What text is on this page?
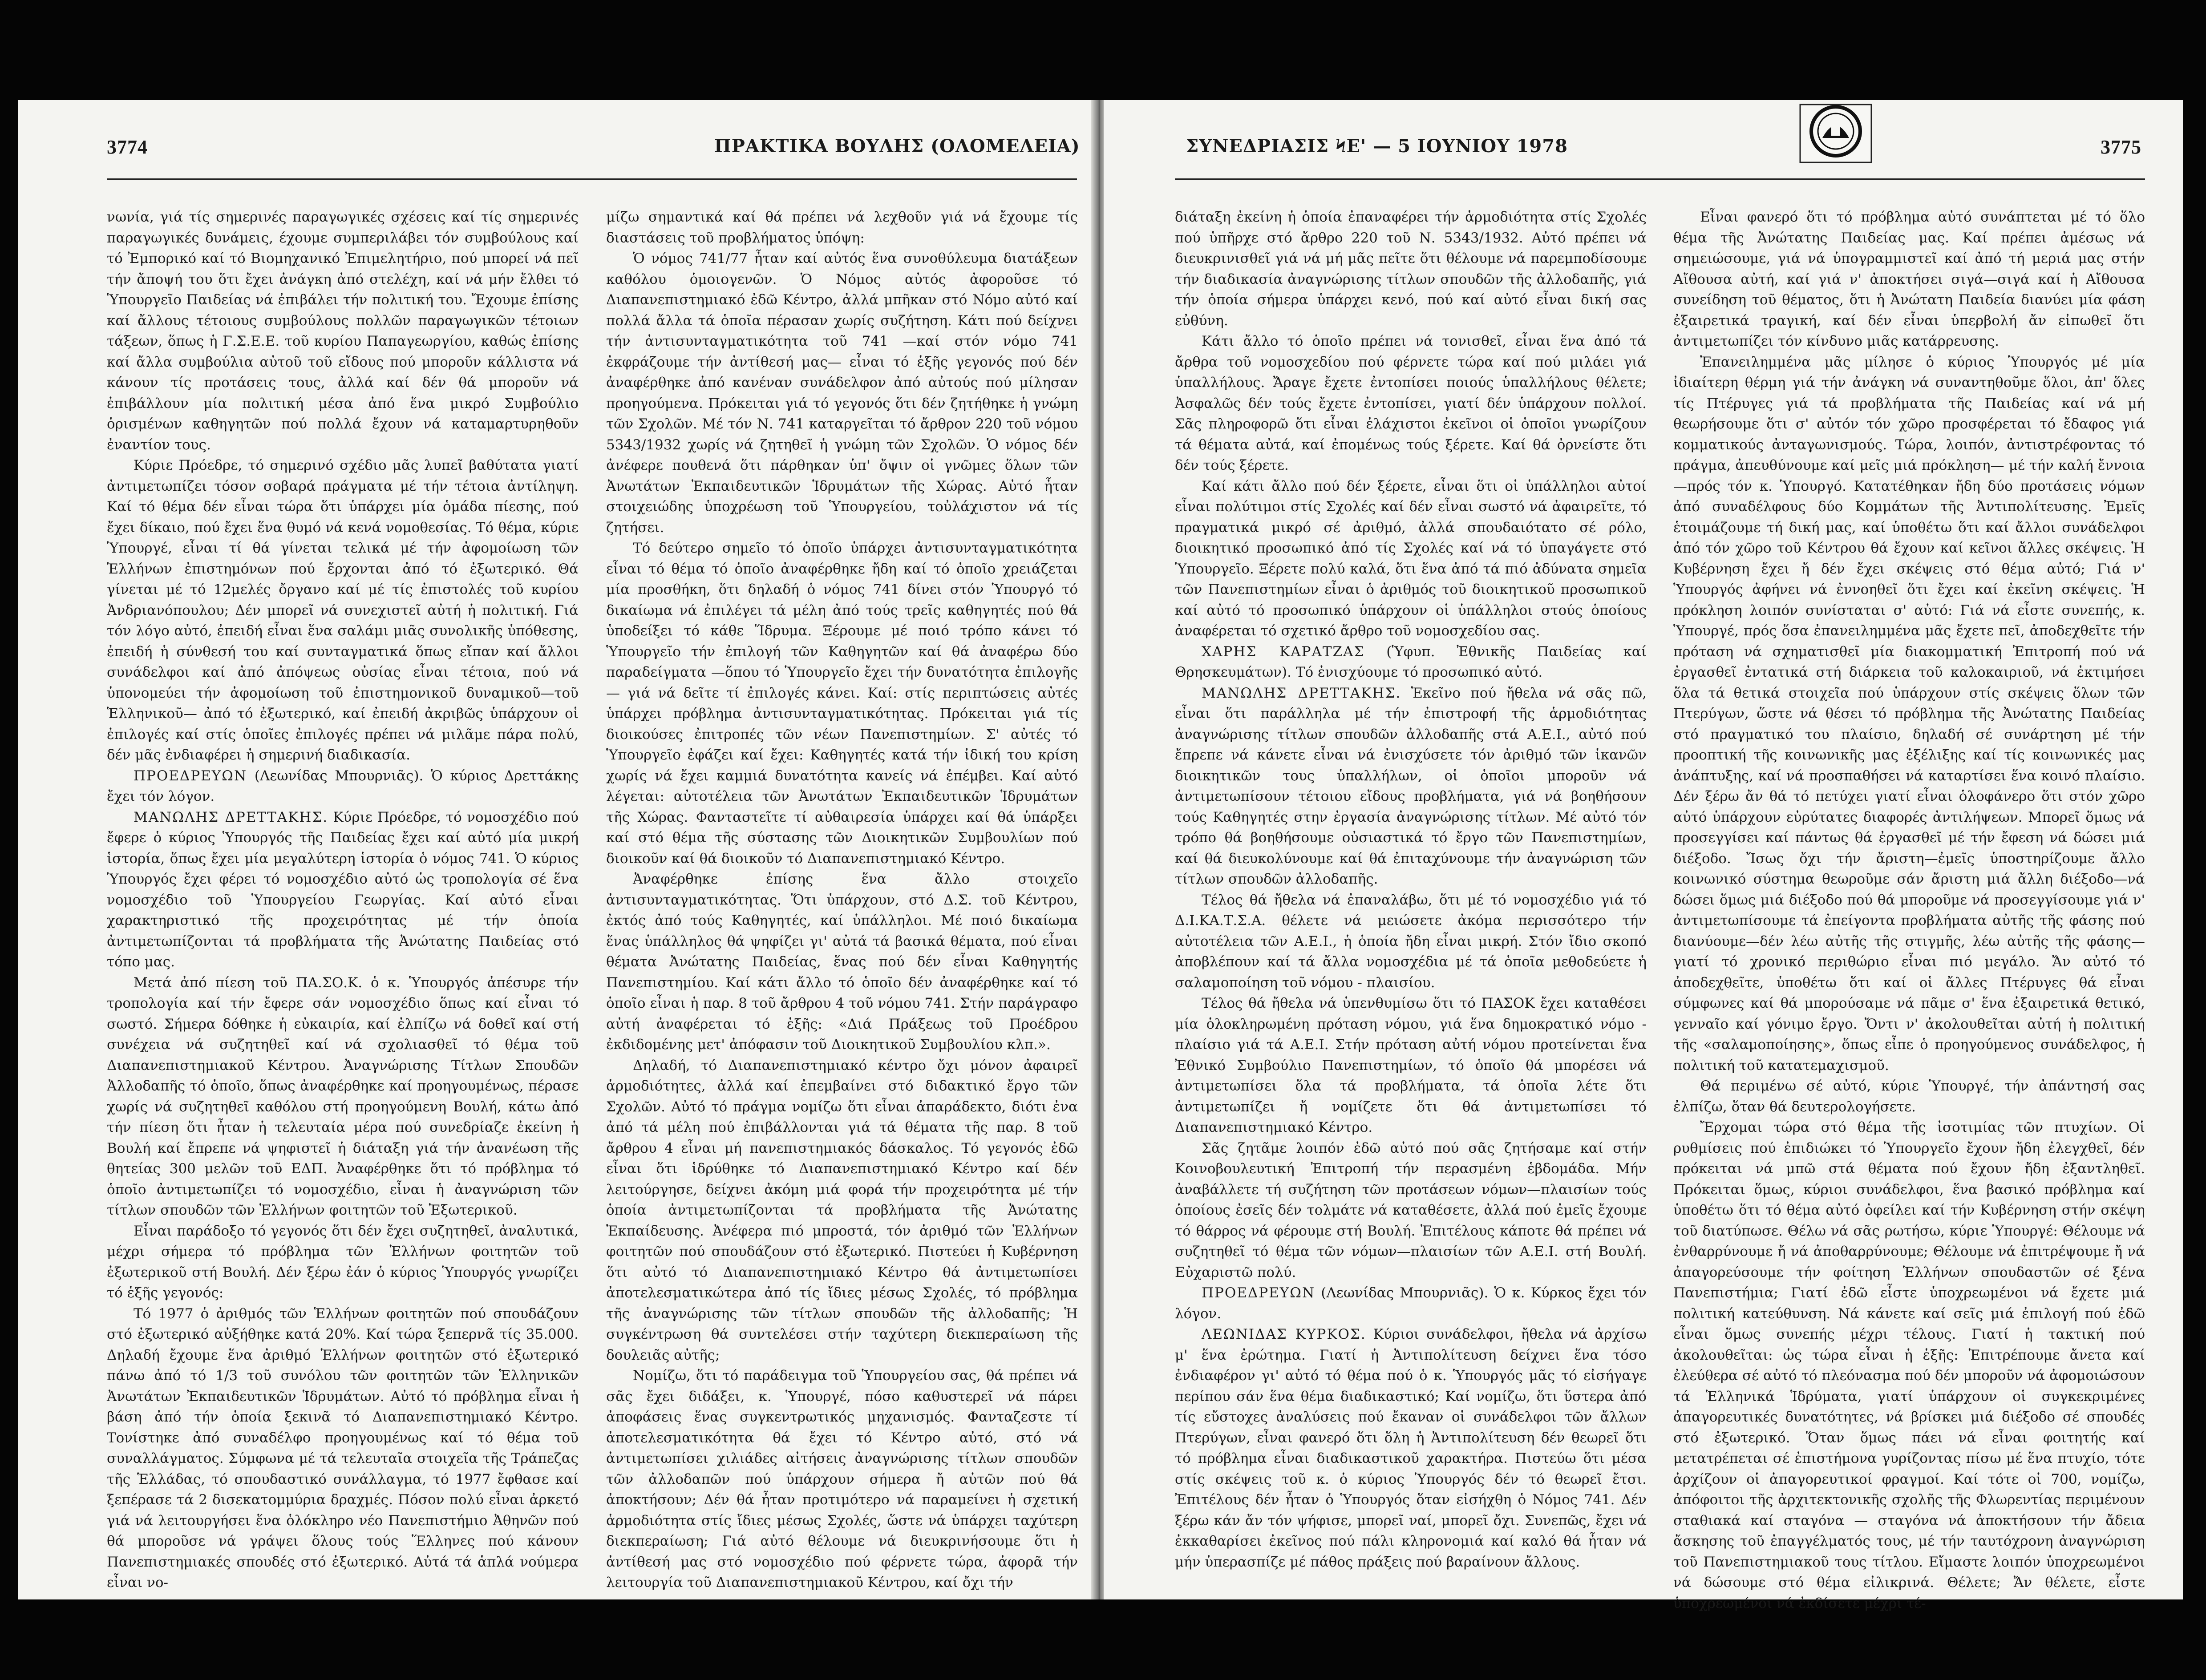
3774	ΠΡΑΚΤΙΚΑ ΒΟΥΛΗΣ (ΟΛΟΜΕΛΕΙΑ)

νωνία, γιά τίς σημερινές παραγωγικές σχέσεις καί τίς σημερινές παραγωγικές δυνάμεις, έχουμε συμπεριλάβει τόν συμβούλους καί τό Ἐμπορικό καί τό Βιομηχανικό Ἐπιμελητήριο, πού μπορεί νά πεῖ τήν ἄποψή του ὅτι ἔχει ἀνάγκη ἀπό στελέχη, καί νά μήν ἔλθει τό Ὑπουργεῖο Παιδείας νά ἐπιβάλει τήν πολιτική του. Ἔχουμε ἐπίσης καί ἄλλους τέτοιους συμβούλους πολλῶν παραγωγικῶν τέτοιων τάξεων, ὅπως ἡ Γ.Σ.Ε.Ε. τοῦ κυρίου Παπαγεωργίου, καθώς ἐπίσης καί ἄλλα συμβούλια αὐτοῦ τοῦ εἴδους πού μποροῦν κάλλιστα νά κάνουν τίς προτάσεις τους, ἀλλά καί δέν θά μποροῦν νά ἐπιβάλλουν μία πολιτική μέσα ἀπό ἕνα μικρό Συμβούλιο ὁρισμένων καθηγητῶν πού πολλά ἔχουν νά καταμαρτυρηθοῦν ἐναντίον τους.

Κύριε Πρόεδρε, τό σημερινό σχέδιο μᾶς λυπεῖ βαθύτατα γιατί ἀντιμετωπίζει τόσον σοβαρά πράγματα μέ τήν τέτοια ἀντίληψη. Καί τό θέμα δέν εἶναι τώρα ὅτι ὑπάρχει μία ὁμάδα πίεσης, πού ἔχει δίκαιο, πού ἔχει ἕνα θυμό νά κενά νομοθεσίας. Τό θέμα, κύριε Ὑπουργέ, εἶναι τί θά γίνεται τελικά μέ τήν ἀφομοίωση τῶν Ἑλλήνων ἐπιστημόνων πού ἔρχονται ἀπό τό ἐξωτερικό. Θά γίνεται μέ τό 12μελές ὄργανο καί μέ τίς ἐπιστολές τοῦ κυρίου Ἀνδριανόπουλου; Δέν μπορεῖ νά συνεχιστεῖ αὐτή ἡ πολιτική. Γιά τόν λόγο αὐτό, ἐπειδή εἶναι ἕνα σαλάμι μιᾶς συνολικῆς ὑπόθεσης, ἐπειδή ἡ σύνθεσή του καί συνταγματικά ὅπως εἴπαν καί ἄλλοι συνάδελφοι καί ἀπό ἀπόψεως οὐσίας εἶναι τέτοια, πού νά ὑπονομεύει τήν ἀφομοίωση τοῦ ἐπιστημονικοῦ δυναμικοῦ—τοῦ Ἑλληνικοῦ— ἀπό τό ἐξωτερικό, καί ἐπειδή ἀκριβῶς ὑπάρχουν οἱ ἐπιλογές καί στίς ὁποῖες ἐπιλογές πρέπει νά μιλᾶμε πάρα πολύ, δέν μᾶς ἐνδιαφέρει ἡ σημερινή διαδικασία.

ΠΡΟΕΔΡΕΥΩΝ (Λεωνίδας Μπουρνιᾶς). Ὁ κύριος Δρεττάκης ἔχει τόν λόγον.

ΜΑΝΩΛΗΣ ΔΡΕΤΤΑΚΗΣ. Κύριε Πρόεδρε, τό νομοσχέδιο πού ἔφερε ὁ κύριος Ὑπουργός τῆς Παιδείας ἔχει καί αὐτό μία μικρή ἱστορία, ὅπως ἔχει μία μεγαλύτερη ἱστορία ὁ νόμος 741. Ὁ κύριος Ὑπουργός ἔχει φέρει τό νομοσχέδιο αὐτό ὡς τροπολογία σέ ἕνα νομοσχέδιο τοῦ Ὑπουργείου Γεωργίας. Καί αὐτό εἶναι χαρακτηριστικό τῆς προχειρότητας μέ τήν ὁποία ἀντιμετωπίζονται τά προβλήματα τῆς Ἀνώτατης Παιδείας στό τόπο μας.

Μετά ἀπό πίεση τοῦ ΠΑ.ΣΟ.Κ. ὁ κ. Ὑπουργός ἀπέσυρε τήν τροπολογία καί τήν ἔφερε σάν νομοσχέδιο ὅπως καί εἶναι τό σωστό. Σήμερα δόθηκε ἡ εὐκαιρία, καί ἐλπίζω νά δοθεῖ καί στή συνέχεια νά συζητηθεῖ καί νά σχολιασθεῖ τό θέμα τοῦ Διαπανεπιστημιακοῦ Κέντρου. Ἀναγνώρισης Τίτλων Σπουδῶν Ἀλλοδαπῆς τό ὁποῖο, ὅπως ἀναφέρθηκε καί προηγουμένως, πέρασε χωρίς νά συζητηθεῖ καθόλου στή προηγούμενη Βουλή, κάτω ἀπό τήν πίεση ὅτι ἦταν ἡ τελευταία μέρα πού συνεδρίαζε ἐκείνη ἡ Βουλή καί ἔπρεπε νά ψηφιστεῖ ἡ διάταξη γιά τήν ἀνανέωση τῆς θητείας 300 μελῶν τοῦ ΕΔΠ. Ἀναφέρθηκε ὅτι τό πρόβλημα τό ὁποῖο ἀντιμετωπίζει τό νομοσχέδιο, εἶναι ἡ ἀναγνώριση τῶν τίτλων σπουδῶν τῶν Ἑλλήνων φοιτητῶν τοῦ Ἐξωτερικοῦ.

Εἶναι παράδοξο τό γεγονός ὅτι δέν ἔχει συζητηθεῖ, ἀναλυτικά, μέχρι σήμερα τό πρόβλημα τῶν Ἑλλήνων φοιτητῶν τοῦ ἐξωτερικοῦ στή Βουλή. Δέν ξέρω ἐάν ὁ κύριος Ὑπουργός γνωρίζει τό ἑξῆς γεγονός:

Τό 1977 ὁ ἀριθμός τῶν Ἑλλήνων φοιτητῶν πού σπουδάζουν στό ἐξωτερικό αὐξήθηκε κατά 20%. Καί τώρα ξεπερνᾶ τίς 35.000. Δηλαδή ἔχουμε ἕνα ἀριθμό Ἑλλήνων φοιτητῶν στό ἐξωτερικό πάνω ἀπό τό 1/3 τοῦ συνόλου τῶν φοιτητῶν τῶν Ἑλληνικῶν Ἀνωτάτων Ἐκπαιδευτικῶν Ἱδρυμάτων. Αὐτό τό πρόβλημα εἶναι ἡ βάση ἀπό τήν ὁποία ξεκινᾶ τό Διαπανεπιστημιακό Κέντρο. Τονίστηκε ἀπό συναδέλφο προηγουμένως καί τό θέμα τοῦ συναλλάγματος. Σύμφωνα μέ τά τελευταῖα στοιχεῖα τῆς Τράπεζας τῆς Ἑλλάδας, τό σπουδαστικό συνάλλαγμα, τό 1977 ἔφθασε καί ξεπέρασε τά 2 δισεκατομμύρια δραχμές. Πόσον πολύ εἶναι ἀρκετό γιά νά λειτουργήσει ἕνα ὁλόκληρο νέο Πανεπιστήμιο Ἀθηνῶν πού θά μποροῦσε νά γράψει ὅλους τούς Ἕλληνες πού κάνουν Πανεπιστημιακές σπουδές στό ἐξωτερικό. Αὐτά τά ἁπλά νούμερα εἶναι νο-

μίζω σημαντικά καί θά πρέπει νά λεχθοῦν γιά νά ἔχουμε τίς διαστάσεις τοῦ προβλήματος ὑπόψη:

Ὁ νόμος 741/77 ἦταν καί αὐτός ἕνα συνοθύλευμα διατάξεων καθόλου ὁμοιογενῶν. Ὁ Νόμος αὐτός ἀφοροῦσε τό Διαπανεπιστημιακό ἐδῶ Κέντρο, ἀλλά μπῆκαν στό Νόμο αὐτό καί πολλά ἄλλα τά ὁποῖα πέρασαν χωρίς συζήτηση. Κάτι πού δείχνει τήν ἀντισυνταγματικότητα τοῦ 741 —καί στόν νόμο 741 ἐκφράζουμε τήν ἀντίθεσή μας— εἶναι τό ἑξῆς γεγονός πού δέν ἀναφέρθηκε ἀπό κανέναν συνάδελφον ἀπό αὐτούς πού μίλησαν προηγούμενα. Πρόκειται γιά τό γεγονός ὅτι δέν ζητήθηκε ἡ γνώμη τῶν Σχολῶν. Μέ τόν Ν. 741 καταργεῖται τό ἄρθρον 220 τοῦ νόμου 5343/1932 χωρίς νά ζητηθεῖ ἡ γνώμη τῶν Σχολῶν. Ὁ νόμος δέν ἀνέφερε πουθενά ὅτι πάρθηκαν ὑπ' ὄψιν οἱ γνῶμες ὅλων τῶν Ἀνωτάτων Ἐκπαιδευτικῶν Ἱδρυμάτων τῆς Χώρας. Αὐτό ἦταν στοιχειώδης ὑποχρέωση τοῦ Ὑπουργείου, τοὐλάχιστον νά τίς ζητήσει.

Τό δεύτερο σημεῖο τό ὁποῖο ὑπάρχει ἀντισυνταγματικότητα εἶναι τό θέμα τό ὁποῖο ἀναφέρθηκε ἤδη καί τό ὁποῖο χρειάζεται μία προσθήκη, ὅτι δηλαδή ὁ νόμος 741 δίνει στόν Ὑπουργό τό δικαίωμα νά ἐπιλέγει τά μέλη ἀπό τούς τρεῖς καθηγητές πού θά ὑποδείξει τό κάθε Ἵδρυμα. Ξέρουμε μέ ποιό τρόπο κάνει τό Ὑπουργεῖο τήν ἐπιλογή τῶν Καθηγητῶν καί θά ἀναφέρω δύο παραδείγματα —ὅπου τό Ὑπουργεῖο ἔχει τήν δυνατότητα ἐπιλογῆς— γιά νά δεῖτε τί ἐπιλογές κάνει. Καί: στίς περιπτώσεις αὐτές ὑπάρχει πρόβλημα ἀντισυνταγματικότητας. Πρόκειται γιά τίς διοικούσες ἐπιτροπές τῶν νέων Πανεπιστημίων. Σ' αὐτές τό Ὑπουργεῖο ἐφάζει καί ἔχει: Καθηγητές κατά τήν ἰδική του κρίση χωρίς νά ἔχει καμμιά δυνατότητα κανείς νά ἐπέμβει. Καί αὐτό λέγεται: αὐτοτέλεια τῶν Ἀνωτάτων Ἐκπαιδευτικῶν Ἱδρυμάτων τῆς Χώρας. Φανταστεῖτε τί αὐθαιρεσία ὑπάρχει καί θά ὑπάρξει καί στό θέμα τῆς σύστασης τῶν Διοικητικῶν Συμβουλίων πού διοικοῦν καί θά διοικοῦν τό Διαπανεπιστημιακό Κέντρο.

Ἀναφέρθηκε ἐπίσης ἕνα ἄλλο στοιχεῖο ἀντισυνταγματικότητας. Ὅτι ὑπάρχουν, στό Δ.Σ. τοῦ Κέντρου, ἐκτός ἀπό τούς Καθηγητές, καί ὑπάλληλοι. Μέ ποιό δικαίωμα ἕνας ὑπάλληλος θά ψηφίζει γι' αὐτά τά βασικά θέματα, πού εἶναι θέματα Ἀνώτατης Παιδείας, ἕνας πού δέν εἶναι Καθηγητής Πανεπιστημίου. Καί κάτι ἄλλο τό ὁποῖο δέν ἀναφέρθηκε καί τό ὁποῖο εἶναι ἡ παρ. 8 τοῦ ἄρθρου 4 τοῦ νόμου 741. Στήν παράγραφο αὐτή ἀναφέρεται τό ἑξῆς: «Διά Πράξεως τοῦ Προέδρου ἐκδιδομένης μετ' ἀπόφασιν τοῦ Διοικητικοῦ Συμβουλίου κλπ.».

Δηλαδή, τό Διαπανεπιστημιακό κέντρο ὄχι μόνον ἀφαιρεῖ ἁρμοδιότητες, ἀλλά καί ἐπεμβαίνει στό διδακτικό ἔργο τῶν Σχολῶν. Αὐτό τό πράγμα νομίζω ὅτι εἶναι ἀπαράδεκτο, διότι ἐνα ἀπό τά μέλη πού ἐπιβάλλονται γιά τά θέματα τῆς παρ. 8 τοῦ ἄρθρου 4 εἶναι μή πανεπιστημιακός δάσκαλος. Τό γεγονός ἐδῶ εἶναι ὅτι ἱδρύθηκε τό Διαπανεπιστημιακό Κέντρο καί δέν λειτούργησε, δείχνει ἀκόμη μιά φορά τήν προχειρότητα μέ τήν ὁποία ἀντιμετωπίζονται τά προβλήματα τῆς Ἀνώτατης Ἐκπαίδευσης. Ἀνέφερα πιό μπροστά, τόν ἀριθμό τῶν Ἑλλήνων φοιτητῶν πού σπουδάζουν στό ἐξωτερικό. Πιστεύει ἡ Κυβέρνηση ὅτι αὐτό τό Διαπανεπιστημιακό Κέντρο θά ἀντιμετωπίσει ἀποτελεσματικώτερα ἀπό τίς ἴδιες μέσως Σχολές, τό πρόβλημα τῆς ἀναγνώρισης τῶν τίτλων σπουδῶν τῆς ἀλλοδαπῆς; Ἡ συγκέντρωση θά συντελέσει στήν ταχύτερη διεκπεραίωση τῆς δουλειᾶς αὐτῆς;

Νομίζω, ὅτι τό παράδειγμα τοῦ Ὑπουργείου σας, θά πρέπει νά σᾶς ἔχει διδάξει, κ. Ὑπουργέ, πόσο καθυστερεῖ νά πάρει ἀποφάσεις ἕνας συγκεντρωτικός μηχανισμός. Φανταζεστε τί ἀποτελεσματικότητα θά ἔχει τό Κέντρο αὐτό, στό νά ἀντιμετωπίσει χιλιάδες αἰτήσεις ἀναγνώρισης τίτλων σπουδῶν τῶν ἀλλοδαπῶν πού ὑπάρχουν σήμερα ἤ αὐτῶν πού θά ἀποκτήσουν; Δέν θά ἦταν προτιμότερο νά παραμείνει ἡ σχετική ἁρμοδιότητα στίς ἴδιες μέσως Σχολές, ὥστε νά ὑπάρχει ταχύτερη διεκπεραίωση; Γιά αὐτό θέλουμε νά διευκρινήσουμε ὅτι ἡ ἀντίθεσή μας στό νομοσχέδιο πού φέρνετε τώρα, ἀφορᾶ τήν λειτουργία τοῦ Διαπανεπιστημιακοῦ Κέντρου, καί ὄχι τήν

ΣΥΝΕΔΡΙΑΣΙΣ ϞΕ' — 5 ΙΟΥΝΙΟΥ 1978	3775

διάταξη ἐκείνη ἡ ὁποία ἐπαναφέρει τήν ἁρμοδιότητα στίς Σχολές πού ὑπῆρχε στό ἄρθρο 220 τοῦ Ν. 5343/1932. Αὐτό πρέπει νά διευκρινισθεῖ γιά νά μή μᾶς πεῖτε ὅτι θέλουμε νά παρεμποδίσουμε τήν διαδικασία ἀναγνώρισης τίτλων σπουδῶν τῆς ἀλλοδαπῆς, γιά τήν ὁποία σήμερα ὑπάρχει κενό, πού καί αὐτό εἶναι δική σας εὐθύνη.

Κάτι ἄλλο τό ὁποῖο πρέπει νά τονισθεῖ, εἶναι ἕνα ἀπό τά ἄρθρα τοῦ νομοσχεδίου πού φέρνετε τώρα καί πού μιλάει γιά ὑπαλλήλους. Ἄραγε ἔχετε ἐντοπίσει ποιούς ὑπαλλήλους θέλετε; Ἀσφαλῶς δέν τούς ἔχετε ἐντοπίσει, γιατί δέν ὑπάρχουν πολλοί. Σᾶς πληροφορῶ ὅτι εἶναι ἐλάχιστοι ἐκεῖνοι οἱ ὁποῖοι γνωρίζουν τά θέματα αὐτά, καί ἐπομένως τούς ξέρετε. Καί θά ὀρνείστε ὅτι δέν τούς ξέρετε.

Καί κάτι ἄλλο πού δέν ξέρετε, εἶναι ὅτι οἱ ὑπάλληλοι αὐτοί εἶναι πολύτιμοι στίς Σχολές καί δέν εἶναι σωστό νά ἀφαιρεῖτε, τό πραγματικά μικρό σέ ἀριθμό, ἀλλά σπουδαιότατο σέ ρόλο, διοικητικό προσωπικό ἀπό τίς Σχολές καί νά τό ὑπαγάγετε στό Ὑπουργεῖο. Ξέρετε πολύ καλά, ὅτι ἕνα ἀπό τά πιό ἀδύνατα σημεῖα τῶν Πανεπιστημίων εἶναι ὁ ἀριθμός τοῦ διοικητικοῦ προσωπικοῦ καί αὐτό τό προσωπικό ὑπάρχουν οἱ ὑπάλληλοι στούς ὁποίους ἀναφέρεται τό σχετικό ἄρθρο τοῦ νομοσχεδίου σας.

ΧΑΡΗΣ ΚΑΡΑΤΖΑΣ (Ὑφυπ. Ἐθνικῆς Παιδείας καί Θρησκευμάτων). Τό ἐνισχύουμε τό προσωπικό αὐτό.

ΜΑΝΩΛΗΣ ΔΡΕΤΤΑΚΗΣ. Ἐκεῖνο πού ἤθελα νά σᾶς πῶ, εἶναι ὅτι παράλληλα μέ τήν ἐπιστροφή τῆς ἁρμοδιότητας ἀναγνώρισης τίτλων σπουδῶν ἀλλοδαπῆς στά Α.Ε.Ι., αὐτό πού ἔπρεπε νά κάνετε εἶναι νά ἐνισχύσετε τόν ἀριθμό τῶν ἱκανῶν διοικητικῶν τους ὑπαλλήλων, οἱ ὁποῖοι μποροῦν νά ἀντιμετωπίσουν τέτοιου εἴδους προβλήματα, γιά νά βοηθήσουν τούς Καθηγητές στην ἐργασία ἀναγνώρισης τίτλων. Μέ αὐτό τόν τρόπο θά βοηθήσουμε οὐσιαστικά τό ἔργο τῶν Πανεπιστημίων, καί θά διευκολύνουμε καί θά ἐπιταχύνουμε τήν ἀναγνώριση τῶν τίτλων σπουδῶν ἀλλοδαπῆς.

Τέλος θά ἤθελα νά ἐπαναλάβω, ὅτι μέ τό νομοσχέδιο γιά τό Δ.Ι.ΚΑ.Τ.Σ.Α. θέλετε νά μειώσετε ἀκόμα περισσότερο τήν αὐτοτέλεια τῶν Α.Ε.Ι., ἡ ὁποία ἤδη εἶναι μικρή. Στόν ἴδιο σκοπό ἀποβλέπουν καί τά ἄλλα νομοσχέδια μέ τά ὁποῖα μεθοδεύετε ἡ σαλαμοποίηση τοῦ νόμου - πλαισίου.

Τέλος θά ἤθελα νά ὑπενθυμίσω ὅτι τό ΠΑΣΟΚ ἔχει καταθέσει μία ὁλοκληρωμένη πρόταση νόμου, γιά ἕνα δημοκρατικό νόμο - πλαίσιο γιά τά Α.Ε.Ι. Στήν πρόταση αὐτή νόμου προτείνεται ἕνα Ἐθνικό Συμβούλιο Πανεπιστημίων, τό ὁποῖο θά μπορέσει νά ἀντιμετωπίσει ὅλα τά προβλήματα, τά ὁποῖα λέτε ὅτι ἀντιμετωπίζει ἤ νομίζετε ὅτι θά ἀντιμετωπίσει τό Διαπανεπιστημιακό Κέντρο.

Σᾶς ζητᾶμε λοιπόν ἐδῶ αὐτό πού σᾶς ζητήσαμε καί στήν Κοινοβουλευτική Ἐπιτροπή τήν περασμένη ἑβδομάδα. Μήν ἀναβάλλετε τή συζήτηση τῶν προτάσεων νόμων—πλαισίων τούς ὁποίους ἐσεῖς δέν τολμάτε νά καταθέσετε, ἀλλά πού ἐμεῖς ἔχουμε τό θάρρος νά φέρουμε στή Βουλή. Ἐπιτέλους κάποτε θά πρέπει νά συζητηθεῖ τό θέμα τῶν νόμων—πλαισίων τῶν Α.Ε.Ι. στή Βουλή. Εὐχαριστῶ πολύ.

ΠΡΟΕΔΡΕΥΩΝ (Λεωνίδας Μπουρνιᾶς). Ὁ κ. Κύρκος ἔχει τόν λόγον.

ΛΕΩΝΙΔΑΣ ΚΥΡΚΟΣ. Κύριοι συνάδελφοι, ἤθελα νά ἀρχίσω μ' ἕνα ἐρώτημα. Γιατί ἡ Ἀντιπολίτευση δείχνει ἕνα τόσο ἐνδιαφέρον γι' αὐτό τό θέμα πού ὁ κ. Ὑπουργός μᾶς τό εἰσήγαγε περίπου σάν ἕνα θέμα διαδικαστικό; Καί νομίζω, ὅτι ὕστερα ἀπό τίς εὔστοχες ἀναλύσεις πού ἔκαναν οἱ συνάδελφοι τῶν ἄλλων Πτερύγων, εἶναι φανερό ὅτι ὅλη ἡ Ἀντιπολίτευση δέν θεωρεῖ ὅτι τό πρόβλημα εἶναι διαδικαστικοῦ χαρακτήρα. Πιστεύω ὅτι μέσα στίς σκέψεις τοῦ κ. ὁ κύριος Ὑπουργός δέν τό θεωρεῖ ἔτσι. Ἐπιτέλους δέν ἦταν ὁ Ὑπουργός ὅταν εἰσήχθη ὁ Νόμος 741. Δέν ξέρω κάν ἄν τόν ψήφισε, μπορεῖ ναί, μπορεῖ ὄχι. Συνεπῶς, ἔχει νά ἐκκαθαρίσει ἐκεῖνος πού πάλι κληρονομιά καί καλό θά ἦταν νά μήν ὑπερασπίζε μέ πάθος πράξεις πού βαραίνουν ἄλλους.

Εἶναι φανερό ὅτι τό πρόβλημα αὐτό συνάπτεται μέ τό ὅλο θέμα τῆς Ἀνώτατης Παιδείας μας. Καί πρέπει ἀμέσως νά σημειώσουμε, γιά νά ὑπογραμμιστεῖ καί ἀπό τή μεριά μας στήν Αἴθουσα αὐτή, καί γιά ν' ἀποκτήσει σιγά—σιγά καί ἡ Αἴθουσα συνείδηση τοῦ θέματος, ὅτι ἡ Ἀνώτατη Παιδεία διανύει μία φάση ἐξαιρετικά τραγική, καί δέν εἶναι ὑπερβολή ἄν εἰπωθεῖ ὅτι ἀντιμετωπίζει τόν κίνδυνο μιᾶς κατάρρευσης.

Ἐπανειλημμένα μᾶς μίλησε ὁ κύριος Ὑπουργός μέ μία ἰδιαίτερη θέρμη γιά τήν ἀνάγκη νά συναντηθοῦμε ὅλοι, ἀπ' ὅλες τίς Πτέρυγες γιά τά προβλήματα τῆς Παιδείας καί νά μή θεωρήσουμε ὅτι σ' αὐτόν τόν χῶρο προσφέρεται τό ἔδαφος γιά κομματικούς ἀνταγωνισμούς. Τώρα, λοιπόν, ἀντιστρέφοντας τό πράγμα, ἀπευθύνουμε καί μεῖς μιά πρόκληση— μέ τήν καλή ἔννοια—πρός τόν κ. Ὑπουργό. Κατατέθηκαν ἤδη δύο προτάσεις νόμων ἀπό συναδέλφους δύο Κομμάτων τῆς Ἀντιπολίτευσης. Ἐμεῖς ἑτοιμάζουμε τή δική μας, καί ὑποθέτω ὅτι καί ἄλλοι συνάδελφοι ἀπό τόν χῶρο τοῦ Κέντρου θά ἔχουν καί κεῖνοι ἄλλες σκέψεις. Ἡ Κυβέρνηση ἔχει ἤ δέν ἔχει σκέψεις στό θέμα αὐτό; Γιά ν' Ὑπουργός ἀφήνει νά ἐννοηθεῖ ὅτι ἔχει καί ἐκεῖνη σκέψεις. Ἡ πρόκληση λοιπόν συνίσταται σ' αὐτό: Γιά νά εἶστε συνεπής, κ. Ὑπουργέ, πρός ὅσα ἐπανειλημμένα μᾶς ἔχετε πεῖ, ἀποδεχθεῖτε τήν πρόταση νά σχηματισθεῖ μία διακομματική Ἐπιτροπή πού νά ἐργασθεῖ ἐντατικά στή διάρκεια τοῦ καλοκαιριοῦ, νά ἐκτιμήσει ὅλα τά θετικά στοιχεῖα πού ὑπάρχουν στίς σκέψεις ὅλων τῶν Πτερύγων, ὥστε νά θέσει τό πρόβλημα τῆς Ἀνώτατης Παιδείας στό πραγματικό του πλαίσιο, δηλαδή σέ συνάρτηση μέ τήν προοπτική τῆς κοινωνικῆς μας ἐξέλιξης καί τίς κοινωνικές μας ἀνάπτυξης, καί νά προσπαθήσει νά καταρτίσει ἕνα κοινό πλαίσιο. Δέν ξέρω ἄν θά τό πετύχει γιατί εἶναι ὁλοφάνερο ὅτι στόν χῶρο αὐτό ὑπάρχουν εὐρύτατες διαφορές ἀντιλήψεων. Μπορεῖ ὅμως νά προσεγγίσει καί πάντως θά ἐργασθεῖ μέ τήν ἔφεση νά δώσει μιά διέξοδο. Ἴσως ὄχι τήν ἄριστη—ἐμεῖς ὑποστηρίζουμε ἄλλο κοινωνικό σύστημα θεωροῦμε σάν ἄριστη μιά ἄλλη διέξοδο—νά δώσει ὅμως μιά διέξοδο πού θά μποροῦμε νά προσεγγίσουμε γιά ν' ἀντιμετωπίσουμε τά ἐπείγοντα προβλήματα αὐτῆς τῆς φάσης πού διανύουμε—δέν λέω αὐτῆς τῆς στιγμῆς, λέω αὐτῆς τῆς φάσης— γιατί τό χρονικό περιθώριο εἶναι πιό μεγάλο. Ἄν αὐτό τό ἀποδεχθεῖτε, ὑποθέτω ὅτι καί οἱ ἄλλες Πτέρυγες θά εἶναι σύμφωνες καί θά μπορούσαμε νά πᾶμε σ' ἕνα ἐξαιρετικά θετικό, γενναῖο καί γόνιμο ἔργο. Ὄντι ν' ἀκολουθεῖται αὐτή ἡ πολιτική τῆς «σαλαμοποίησης», ὅπως εἶπε ὁ προηγούμενος συνάδελφος, ἡ πολιτική τοῦ κατατεμαχισμοῦ.

Θά περιμένω σέ αὐτό, κύριε Ὑπουργέ, τήν ἀπάντησή σας ἐλπίζω, ὅταν θά δευτερολογήσετε.

Ἔρχομαι τώρα στό θέμα τῆς ἰσοτιμίας τῶν πτυχίων. Οἱ ρυθμίσεις πού ἐπιδιώκει τό Ὑπουργεῖο ἔχουν ἤδη ἐλεγχθεῖ, δέν πρόκειται νά μπῶ στά θέματα πού ἔχουν ἤδη ἐξαντληθεῖ. Πρόκειται ὅμως, κύριοι συνάδελφοι, ἕνα βασικό πρόβλημα καί ὑποθέτω ὅτι τό θέμα αὐτό ὀφείλει καί τήν Κυβέρνηση στήν σκέψη τοῦ διατύπωσε. Θέλω νά σᾶς ρωτήσω, κύριε Ὑπουργέ: Θέλουμε νά ἐνθαρρύνουμε ἤ νά ἀποθαρρύνουμε; Θέλουμε νά ἐπιτρέψουμε ἤ νά ἀπαγορεύσουμε τήν φοίτηση Ἑλλήνων σπουδαστῶν σέ ξένα Πανεπιστήμια; Γιατί ἐδῶ εἶστε ὑποχρεωμένοι νά ἔχετε μιά πολιτική κατεύθυνση. Νά κάνετε καί σεῖς μιά ἐπιλογή πού ἐδῶ εἶναι ὅμως συνεπής μέχρι τέλους. Γιατί ἡ τακτική πού ἀκολουθεῖται: ὡς τώρα εἶναι ἡ ἑξῆς: Ἐπιτρέπουμε ἄνετα καί ἐλεύθερα σέ αὐτό τό πλεόνασμα πού δέν μποροῦν νά ἀφομοιώσουν τά Ἑλληνικά Ἱδρύματα, γιατί ὑπάρχουν οἱ συγκεκριμένες ἀπαγορευτικές δυνατότητες, νά βρίσκει μιά διέξοδο σέ σπουδές στό ἐξωτερικό. Ὅταν ὅμως πάει νά εἶναι φοιτητής καί μετατρέπεται σέ ἐπιστήμονα γυρίζοντας πίσω μέ ἕνα πτυχίο, τότε ἀρχίζουν οἱ ἀπαγορευτικοί φραγμοί. Καί τότε οἱ 700, νομίζω, ἀπόφοιτοι τῆς ἀρχιτεκτονικῆς σχολῆς τῆς Φλωρεντίας περιμένουν σταθιακά καί σταγόνα — σταγόνα νά ἀποκτήσουν τήν ἄδεια ἄσκησης τοῦ ἐπαγγέλματός τους, μέ τήν ταυτόχρονη ἀναγνώριση τοῦ Πανεπιστημιακοῦ τους τίτλου. Εἴμαστε λοιπόν ὑποχρεωμένοι νά δώσουμε στό θέμα εἰλικρινά. Θέλετε; Ἄν θέλετε, εἶστε ὑποχρεωμένοι νά ἐκδίσετε μέχρι τέ-
